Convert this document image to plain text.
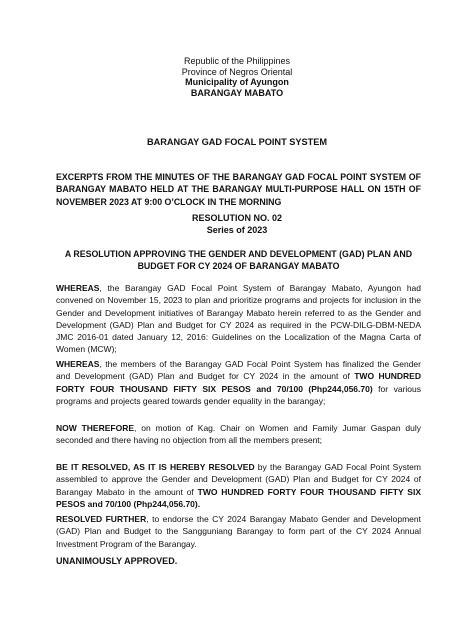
Republic of the Philippines
Province of Negros Oriental
Municipality of Ayungon
BARANGAY MABATO
BARANGAY GAD FOCAL POINT SYSTEM
EXCERPTS FROM THE MINUTES OF THE BARANGAY GAD FOCAL POINT SYSTEM OF BARANGAY MABATO HELD AT THE BARANGAY MULTI-PURPOSE HALL ON 15TH OF NOVEMBER 2023 AT 9:00 O’CLOCK IN THE MORNING
RESOLUTION NO. 02
Series of 2023
A RESOLUTION APPROVING THE GENDER AND DEVELOPMENT (GAD) PLAN AND BUDGET FOR CY 2024 OF BARANGAY MABATO

WHEREAS, the Barangay GAD Focal Point System of Barangay Mabato, Ayungon had convened on November 15, 2023 to plan and prioritize programs and projects for inclusion in the Gender and Development initiatives of Barangay Mabato herein referred to as the Gender and Development (GAD) Plan and Budget for CY 2024 as required in the PCW-DILG-DBM-NEDA JMC 2016-01 dated January 12, 2016: Guidelines on the Localization of the Magna Carta of Women (MCW);

WHEREAS, the members of the Barangay GAD Focal Point System has finalized the Gender and Development (GAD) Plan and Budget for CY 2024 in the amount of TWO HUNDRED FORTY FOUR THOUSAND FIFTY SIX PESOS and 70/100 (Php244,056.70) for various programs and projects geared towards gender equality in the barangay;

NOW THEREFORE, on motion of Kag. Chair on Women and Family Jumar Gaspan duly seconded and there having no objection from all the members present;

BE IT RESOLVED, AS IT IS HEREBY RESOLVED by the Barangay GAD Focal Point System assembled to approve the Gender and Development (GAD) Plan and Budget for CY 2024 of Barangay Mabato in the amount of TWO HUNDRED FORTY FOUR THOUSAND FIFTY SIX PESOS and 70/100 (Php244,056.70).

RESOLVED FURTHER, to endorse the CY 2024 Barangay Mabato Gender and Development (GAD) Plan and Budget to the Sangguniang Barangay to form part of the CY 2024 Annual Investment Program of the Barangay.

UNANIMOUSLY APPROVED.
